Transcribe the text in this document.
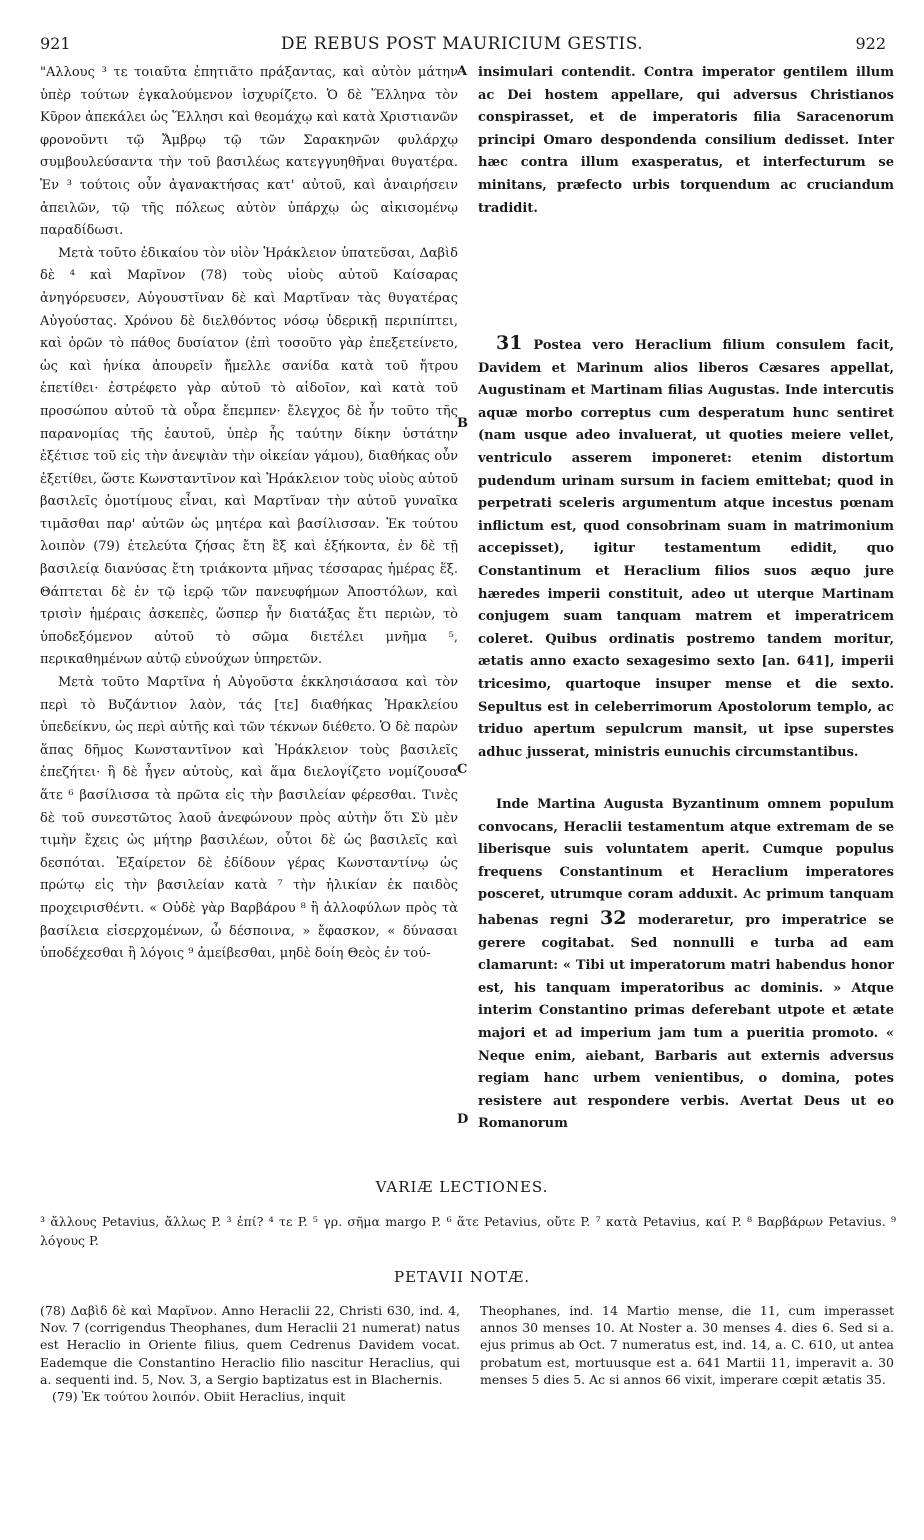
921	DE REBUS POST MAURICIUM GESTIS.	922

"Αλλους ³ τε τοιαῦτα ἐπητιᾶτο πράξαντας, καὶ αὐτὸν μάτην ὑπὲρ τούτων ἐγκαλούμενον ἰσχυρίζετο. Ὁ δὲ Ἕλληνα τὸν Κῦρον ἀπεκάλει ὡς Ἕλλησι καὶ θεομάχῳ καὶ κατὰ Χριστιανῶν φρονοῦντι τῷ Ἄμβρῳ τῷ τῶν Σαρακηνῶν φυλάρχῳ συμβουλεύσαντα τὴν τοῦ βασιλέως κατεγγυηθῆναι θυγατέρα. Ἐν ³ τούτοις οὖν ἀγανακτήσας κατ' αὐτοῦ, καὶ ἀναιρήσειν ἀπειλῶν, τῷ τῆς πόλεως αὐτὸν ὑπάρχῳ ὡς αἰκισομένῳ παραδίδωσι.

Μετὰ τοῦτο ἐδικαίου τὸν υἱὸν Ἡράκλειον ὑπατεῦσαι, Δαβὶδ δὲ ⁴ καὶ Μαρῖνον (78) τοὺς υἱοὺς αὐτοῦ Καίσαρας ἀνηγόρευσεν, Αὐγουστῖναν δὲ καὶ Μαρτῖναν τὰς θυγατέρας Αὐγούστας. Χρόνου δὲ διελθόντος νόσῳ ὑδερικῇ περιπίπτει, καὶ ὁρῶν τὸ πάθος δυσίατον (ἐπὶ τοσοῦτο γὰρ ἐπεξετείνετο, ὡς καὶ ἡνίκα ἀπουρεῖν ἤμελλε σανίδα κατὰ τοῦ ἤτρου ἐπετίθει· ἐστρέφετο γὰρ αὐτοῦ τὸ αἰδοῖον, καὶ κατὰ τοῦ προσώπου αὐτοῦ τὰ οὖρα ἔπεμπεν· ἔλεγχος δὲ ἦν τοῦτο τῆς παρανομίας τῆς ἑαυτοῦ, ὑπὲρ ἧς ταύτην δίκην ὑστάτην ἐξέτισε τοῦ εἰς τὴν ἀνεψιὰν τὴν οἰκείαν γάμου), διαθήκας οὖν ἐξετίθει, ὥστε Κωνσταντῖνον καὶ Ἡράκλειον τοὺς υἱοὺς αὐτοῦ βασιλεῖς ὁμοτίμους εἶναι, καὶ Μαρτῖναν τὴν αὐτοῦ γυναῖκα τιμᾶσθαι παρ' αὐτῶν ὡς μητέρα καὶ βασίλισσαν. Ἐκ τούτου λοιπὸν (79) ἐτελεύτα ζήσας ἔτη ἓξ καὶ ἑξήκοντα, ἐν δὲ τῇ βασιλείᾳ διανύσας ἔτη τριάκοντα μῆνας τέσσαρας ἡμέρας ἕξ. Θάπτεται δὲ ἐν τῷ ἱερῷ τῶν πανευφήμων Ἀποστόλων, καὶ τρισὶν ἡμέραις ἀσκεπὲς, ὥσπερ ἦν διατάξας ἔτι περιὼν, τὸ ὑποδεξόμενον αὐτοῦ τὸ σῶμα διετέλει μνῆμα ⁵, περικαθημένων αὐτῷ εὐνούχων ὑπηρετῶν.

Μετὰ τοῦτο Μαρτῖνα ἡ Αὐγοῦστα ἐκκλησιάσασα καὶ τὸν περὶ τὸ Βυζάντιον λαὸν, τάς [τε] διαθήκας Ἡρακλείου ὑπεδείκνυ, ὡς περὶ αὐτῆς καὶ τῶν τέκνων διέθετο. Ὁ δὲ παρὼν ἅπας δῆμος Κωνσταντῖνον καὶ Ἡράκλειον τοὺς βασιλεῖς ἐπεζήτει· ἢ δὲ ἦγεν αὐτοὺς, καὶ ἅμα διελογίζετο νομίζουσα ἅτε ⁶ βασίλισσα τὰ πρῶτα εἰς τὴν βασιλείαν φέρεσθαι. Τινὲς δὲ τοῦ συνεστῶτος λαοῦ ἀνεφώνουν πρὸς αὐτὴν ὅτι Σὺ μὲν τιμὴν ἔχεις ὡς μήτηρ βασιλέων, οὗτοι δὲ ὡς βασιλεῖς καὶ δεσπόται. Ἐξαίρετον δὲ ἐδίδουν γέρας Κωνσταντίνῳ ὡς πρώτῳ εἰς τὴν βασιλείαν κατὰ ⁷ τὴν ἡλικίαν ἐκ παιδὸς προχειρισθέντι. « Οὐδὲ γὰρ Βαρβάρου ⁸ ἢ ἀλλοφύλων πρὸς τὰ βασίλεια εἰσερχομένων, ὦ δέσποινα, » ἔφασκον, « δύνασαι ὑποδέχεσθαι ἢ λόγοις ⁹ ἀμείβεσθαι, μηδὲ δοίη Θεὸς ἐν τού-

A
B
C
D

insimulari contendit. Contra imperator gentilem illum ac Dei hostem appellare, qui adversus Christianos conspirasset, et de imperatoris filia Saracenorum principi Omaro despondenda consilium dedisset. Inter hæc contra illum exasperatus, et interfecturum se minitans, præfecto urbis torquendum ac cruciandum tradidit.

31 Postea vero Heraclium filium consulem facit, Davidem et Marinum alios liberos Cæsares appellat, Augustinam et Martinam filias Augustas. Inde intercutis aquæ morbo correptus cum desperatum hunc sentiret (nam usque adeo invaluerat, ut quoties meiere vellet, ventriculo asserem imponeret: etenim distortum pudendum urinam sursum in faciem emittebat; quod in perpetrati sceleris argumentum atque incestus pœnam inflictum est, quod consobrinam suam in matrimonium accepisset), igitur testamentum edidit, quo Constantinum et Heraclium filios suos æquo jure hæredes imperii constituit, adeo ut uterque Martinam conjugem suam tanquam matrem et imperatricem coleret. Quibus ordinatis postremo tandem moritur, ætatis anno exacto sexagesimo sexto [an. 641], imperii tricesimo, quartoque insuper mense et die sexto. Sepultus est in celeberrimorum Apostolorum templo, ac triduo apertum sepulcrum mansit, ut ipse superstes adhuc jusserat, ministris eunuchis circumstantibus.

Inde Martina Augusta Byzantinum omnem populum convocans, Heraclii testamentum atque extremam de se liberisque suis voluntatem aperit. Cumque populus frequens Constantinum et Heraclium imperatores posceret, utrumque coram adduxit. Ac primum tanquam habenas regni 32 moderaretur, pro imperatrice se gerere cogitabat. Sed nonnulli e turba ad eam clamarunt: « Tibi ut imperatorum matri habendus honor est, his tanquam imperatoribus ac dominis. » Atque interim Constantino primas deferebant utpote et ætate majori et ad imperium jam tum a pueritia promoto. « Neque enim, aiebant, Barbaris aut externis adversus regiam hanc urbem venientibus, o domina, potes resistere aut respondere verbis. Avertat Deus ut eo Romanorum

VARIÆ LECTIONES.
³ ἄλλους Petavius, ἄλλως P. ³ ἐπί? ⁴ τε P. ⁵ γρ. σῆμα margo P. ⁶ ἅτε Petavius, οὔτε P. ⁷ κατὰ Petavius, καί P. ⁸ Βαρβάρων Petavius. ⁹ λόγους P.
PETAVII NOTÆ.

(78) Δαβὶδ δὲ καὶ Μαρῖνον. Anno Heraclii 22, Christi 630, ind. 4, Nov. 7 (corrigendus Theophanes, dum Heraclii 21 numerat) natus est Heraclio in Oriente filius, quem Cedrenus Davidem vocat. Eademque die Constantino Heraclio filio nascitur Heraclius, qui a. sequenti ind. 5, Nov. 3, a Sergio baptizatus est in Blachernis.

(79) Ἐκ τούτου λοιπόν. Obiit Heraclius, inquit

Theophanes, ind. 14 Martio mense, die 11, cum imperasset annos 30 menses 10. At Noster a. 30 menses 4. dies 6. Sed si a. ejus primus ab Oct. 7 numeratus est, ind. 14, a. C. 610, ut antea probatum est, mortuusque est a. 641 Martii 11, imperavit a. 30 menses 5 dies 5. Ac si annos 66 vixit, imperare cœpit ætatis 35.
